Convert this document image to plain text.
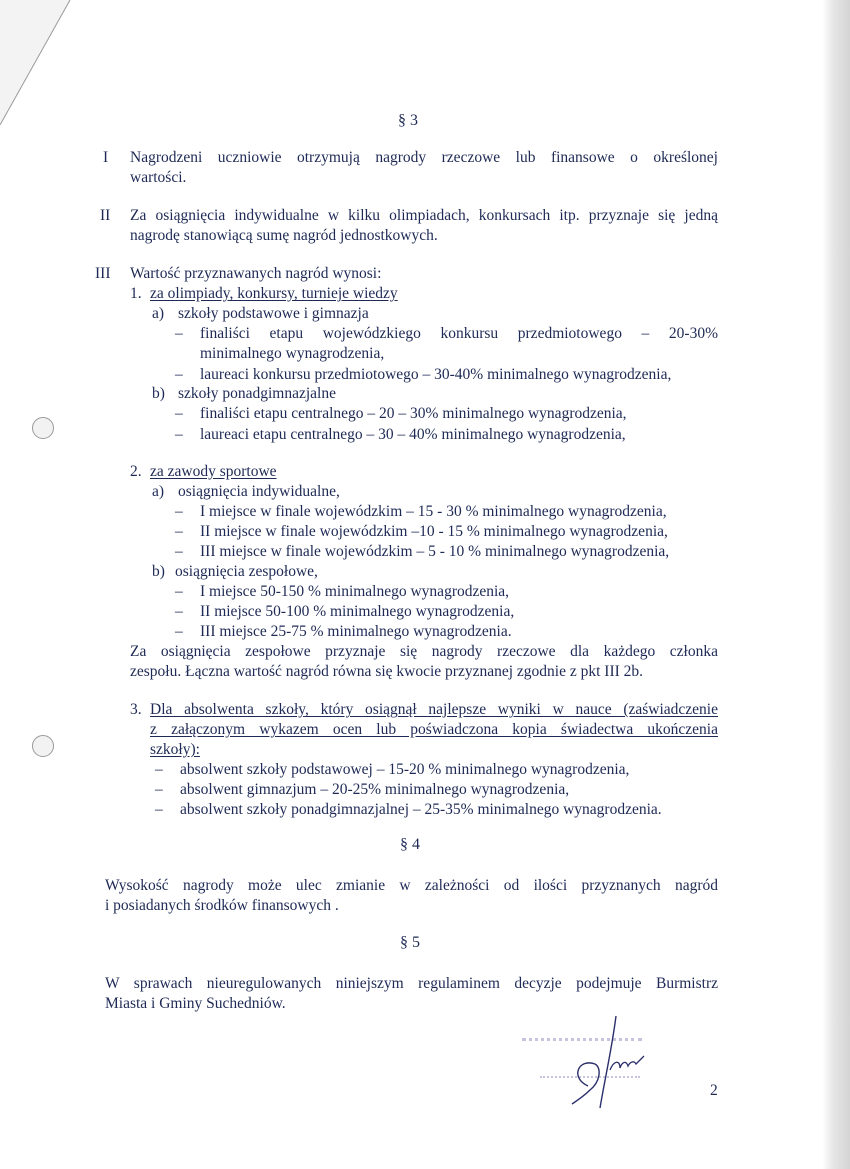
§ 3
I Nagrodzeni uczniowie otrzymują nagrody rzeczowe lub finansowe o określonej
wartości.
II Za osiągnięcia indywidualne w kilku olimpiadach, konkursach itp. przyznaje się jedną
nagrodę stanowiącą sumę nagród jednostkowych.
III Wartość przyznawanych nagród wynosi:
1. za olimpiady, konkursy, turnieje wiedzy
a) szkoły podstawowe i gimnazja
– finaliści etapu wojewódzkiego konkursu przedmiotowego – 20-30%
minimalnego wynagrodzenia,
– laureaci konkursu przedmiotowego – 30-40% minimalnego wynagrodzenia,
b) szkoły ponadgimnazjalne
– finaliści etapu centralnego – 20 – 30% minimalnego wynagrodzenia,
– laureaci etapu centralnego – 30 – 40% minimalnego wynagrodzenia,
2. za zawody sportowe
a) osiągnięcia indywidualne,
– I miejsce w finale wojewódzkim – 15 - 30 % minimalnego wynagrodzenia,
– II miejsce w finale wojewódzkim –10 - 15 % minimalnego wynagrodzenia,
– III miejsce w finale wojewódzkim – 5 - 10 % minimalnego wynagrodzenia,
b) osiągnięcia zespołowe,
– I miejsce 50-150 % minimalnego wynagrodzenia,
– II miejsce 50-100 % minimalnego wynagrodzenia,
– III miejsce 25-75 % minimalnego wynagrodzenia.
Za osiągnięcia zespołowe przyznaje się nagrody rzeczowe dla każdego członka
zespołu. Łączna wartość nagród równa się kwocie przyznanej zgodnie z pkt III 2b.
3. Dla absolwenta szkoły, który osiągnął najlepsze wyniki w nauce (zaświadczenie
z załączonym wykazem ocen lub poświadczona kopia świadectwa ukończenia
szkoły):
– absolwent szkoły podstawowej – 15-20 % minimalnego wynagrodzenia,
– absolwent gimnazjum – 20-25% minimalnego wynagrodzenia,
– absolwent szkoły ponadgimnazjalnej – 25-35% minimalnego wynagrodzenia.
§ 4
Wysokość nagrody może ulec zmianie w zależności od ilości przyznanych nagród
i posiadanych środków finansowych .
§ 5
W sprawach nieuregulowanych niniejszym regulaminem decyzje podejmuje Burmistrz
Miasta i Gminy Suchedniów.
2
